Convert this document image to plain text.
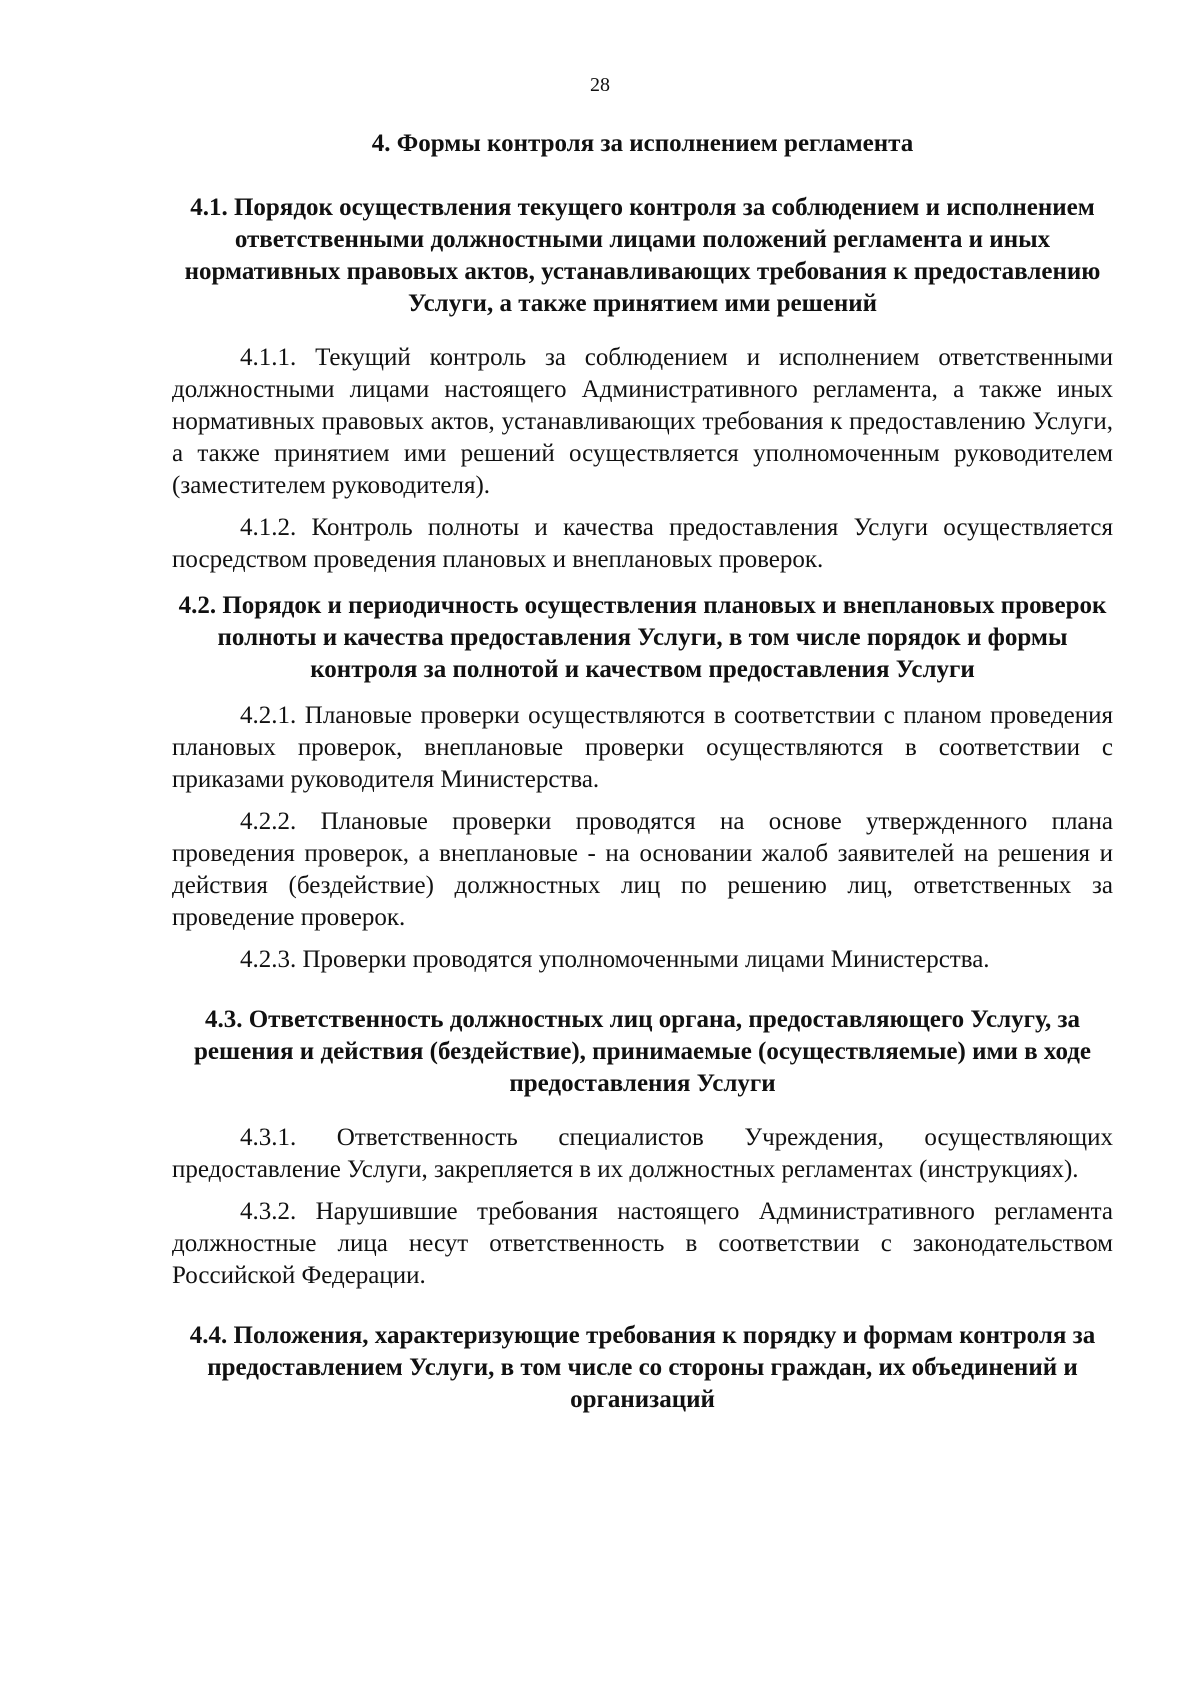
28
4. Формы контроля за исполнением регламента
4.1. Порядок осуществления текущего контроля за соблюдением и исполнением ответственными должностными лицами положений регламента и иных нормативных правовых актов, устанавливающих требования к предоставлению Услуги, а также принятием ими решений

4.1.1. Текущий контроль за соблюдением и исполнением ответственными должностными лицами настоящего Административного регламента, а также иных нормативных правовых актов, устанавливающих требования к предоставлению Услуги, а также принятием ими решений осуществляется уполномоченным руководителем (заместителем руководителя).

4.1.2. Контроль полноты и качества предоставления Услуги осуществляется посредством проведения плановых и внеплановых проверок.

4.2. Порядок и периодичность осуществления плановых и внеплановых проверок полноты и качества предоставления Услуги, в том числе порядок и формы контроля за полнотой и качеством предоставления Услуги

4.2.1. Плановые проверки осуществляются в соответствии с планом проведения плановых проверок, внеплановые проверки осуществляются в соответствии с приказами руководителя Министерства.

4.2.2. Плановые проверки проводятся на основе утвержденного плана проведения проверок, а внеплановые - на основании жалоб заявителей на решения и действия (бездействие) должностных лиц по решению лиц, ответственных за проведение проверок.

4.2.3. Проверки проводятся уполномоченными лицами Министерства.

4.3. Ответственность должностных лиц органа, предоставляющего Услугу, за решения и действия (бездействие), принимаемые (осуществляемые) ими в ходе предоставления Услуги

4.3.1. Ответственность специалистов Учреждения, осуществляющих предоставление Услуги, закрепляется в их должностных регламентах (инструкциях).

4.3.2. Нарушившие требования настоящего Административного регламента должностные лица несут ответственность в соответствии с законодательством Российской Федерации.

4.4. Положения, характеризующие требования к порядку и формам контроля за предоставлением Услуги, в том числе со стороны граждан, их объединений и организаций
